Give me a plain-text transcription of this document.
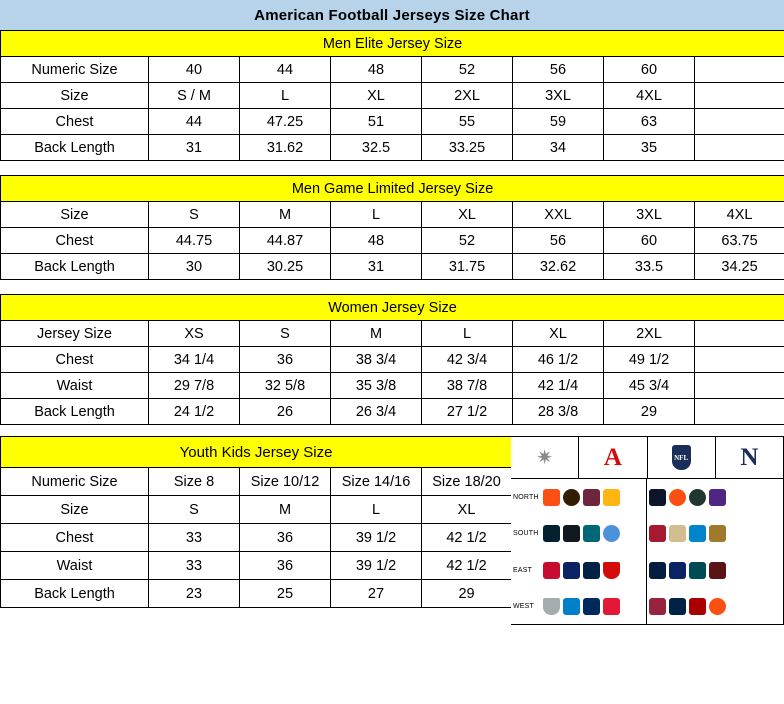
American Football Jerseys Size Chart
Men Elite Jersey Size							
Numeric Size	40	44	48	52	56	60	
Size	S / M	L	XL	2XL	3XL	4XL	
Chest	44	47.25	51	55	59	63	
Back Length	31	31.62	32.5	33.25	34	35	
Men Game Limited Jersey Size							
Size	S	M	L	XL	XXL	3XL	4XL
Chest	44.75	44.87	48	52	56	60	63.75
Back Length	30	30.25	31	31.75	32.62	33.5	34.25
Women Jersey Size							
Jersey Size	XS	S	M	L	XL	2XL	
Chest	34 1/4	36	38 3/4	42 3/4	46 1/2	49 1/2	
Waist	29 7/8	32 5/8	35 3/8	38 7/8	42 1/4	45 3/4	
Back Length	24 1/2	26	26 3/4	27 1/2	28 3/8	29	
Youth Kids Jersey Size				
Numeric Size	Size 8	Size 10/12	Size 14/16	Size 18/20
Size	S	M	L	XL
Chest	33	36	39 1/2	42 1/2
Waist	33	36	39 1/2	42 1/2
Back Length	23	25	27	29
✷ A	NFL N
NORTH
SOUTH
EAST
WEST
